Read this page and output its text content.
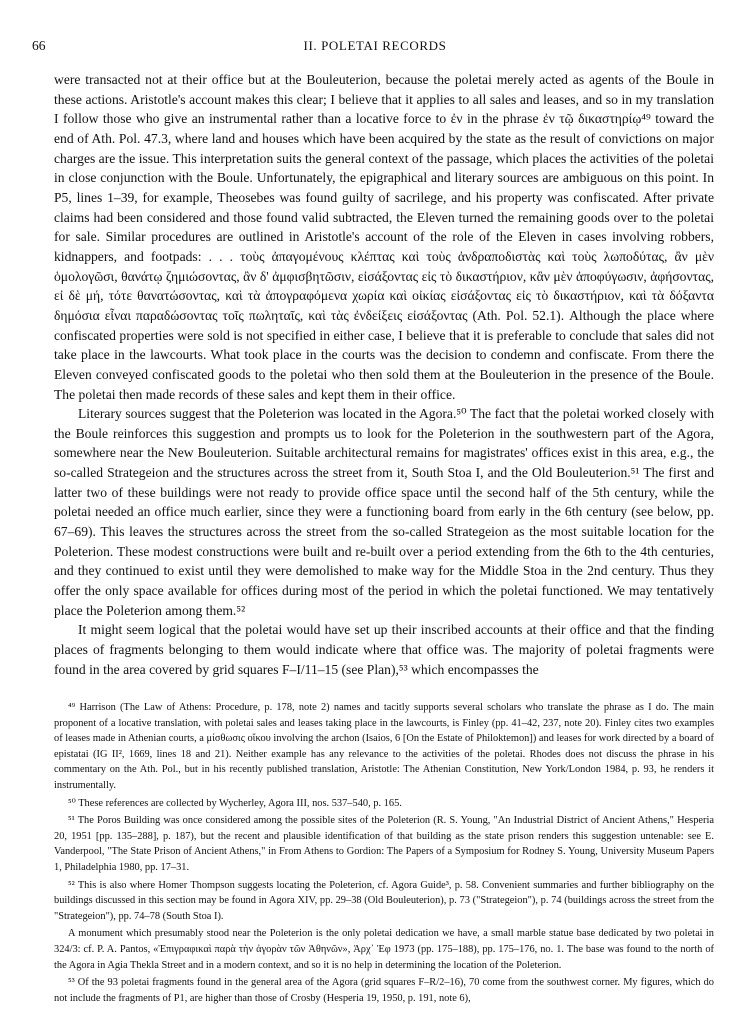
66	II. POLETAI RECORDS

were transacted not at their office but at the Bouleuterion, because the poletai merely acted as agents of the Boule in these actions. Aristotle's account makes this clear; I believe that it applies to all sales and leases, and so in my translation I follow those who give an instrumental rather than a locative force to ἐν in the phrase ἐν τῷ δικαστηρίῳ⁴⁹ toward the end of Ath. Pol. 47.3, where land and houses which have been acquired by the state as the result of convictions on major charges are the issue. This interpretation suits the general context of the passage, which places the activities of the poletai in close conjunction with the Boule. Unfortunately, the epigraphical and literary sources are ambiguous on this point. In P5, lines 1–39, for example, Theosebes was found guilty of sacrilege, and his property was confiscated. After private claims had been considered and those found valid subtracted, the Eleven turned the remaining goods over to the poletai for sale. Similar procedures are outlined in Aristotle's account of the role of the Eleven in cases involving robbers, kidnappers, and footpads: . . . τοὺς ἀπαγομένους κλέπτας καὶ τοὺς ἀνδραποδιστὰς καὶ τοὺς λωποδύτας, ἂν μὲν ὁμολογῶσι, θανάτῳ ζημιώσοντας, ἂν δ' ἀμφισβητῶσιν, εἰσάξοντας εἰς τὸ δικαστήριον, κἂν μὲν ἀποφύγωσιν, ἀφήσοντας, εἰ δὲ μή, τότε θανατώσοντας, καὶ τὰ ἀπογραφόμενα χωρία καὶ οἰκίας εἰσάξοντας εἰς τὸ δικαστήριον, καὶ τὰ δόξαντα δημόσια εἶναι παραδώσοντας τοῖς πωληταῖς, καὶ τὰς ἐνδείξεις εἰσάξοντας (Ath. Pol. 52.1). Although the place where confiscated properties were sold is not specified in either case, I believe that it is preferable to conclude that sales did not take place in the lawcourts. What took place in the courts was the decision to condemn and confiscate. From there the Eleven conveyed confiscated goods to the poletai who then sold them at the Bouleuterion in the presence of the Boule. The poletai then made records of these sales and kept them in their office.

Literary sources suggest that the Poleterion was located in the Agora.⁵⁰ The fact that the poletai worked closely with the Boule reinforces this suggestion and prompts us to look for the Poleterion in the southwestern part of the Agora, somewhere near the New Bouleuterion. Suitable architectural remains for magistrates' offices exist in this area, e.g., the so-called Strategeion and the structures across the street from it, South Stoa I, and the Old Bouleuterion.⁵¹ The first and latter two of these buildings were not ready to provide office space until the second half of the 5th century, while the poletai needed an office much earlier, since they were a functioning board from early in the 6th century (see below, pp. 67–69). This leaves the structures across the street from the so-called Strategeion as the most suitable location for the Poleterion. These modest constructions were built and re-built over a period extending from the 6th to the 4th centuries, and they continued to exist until they were demolished to make way for the Middle Stoa in the 2nd century. Thus they offer the only space available for offices during most of the period in which the poletai functioned. We may tentatively place the Poleterion among them.⁵²

It might seem logical that the poletai would have set up their inscribed accounts at their office and that the finding places of fragments belonging to them would indicate where that office was. The majority of poletai fragments were found in the area covered by grid squares F–I/11–15 (see Plan),⁵³ which encompasses the

⁴⁹ Harrison (The Law of Athens: Procedure, p. 178, note 2) names and tacitly supports several scholars who translate the phrase as I do. The main proponent of a locative translation, with poletai sales and leases taking place in the lawcourts, is Finley (pp. 41–42, 237, note 20). Finley cites two examples of leases made in Athenian courts, a μίσθωσις οἴκου involving the archon (Isaios, 6 [On the Estate of Philoktemon]) and leases for work directed by a board of epistatai (IG II², 1669, lines 18 and 21). Neither example has any relevance to the activities of the poletai. Rhodes does not discuss the phrase in his commentary on the Ath. Pol., but in his recently published translation, Aristotle: The Athenian Constitution, New York/London 1984, p. 93, he renders it instrumentally.

⁵⁰ These references are collected by Wycherley, Agora III, nos. 537–540, p. 165.

⁵¹ The Poros Building was once considered among the possible sites of the Poleterion (R. S. Young, "An Industrial District of Ancient Athens," Hesperia 20, 1951 [pp. 135–288], p. 187), but the recent and plausible identification of that building as the state prison renders this suggestion untenable: see E. Vanderpool, "The State Prison of Ancient Athens," in From Athens to Gordion: The Papers of a Symposium for Rodney S. Young, University Museum Papers 1, Philadelphia 1980, pp. 17–31.

⁵² This is also where Homer Thompson suggests locating the Poleterion, cf. Agora Guide³, p. 58. Convenient summaries and further bibliography on the buildings discussed in this section may be found in Agora XIV, pp. 29–38 (Old Bouleuterion), p. 73 ("Strategeion"), p. 74 (buildings across the street from the "Strategeion"), pp. 74–78 (South Stoa I).

A monument which presumably stood near the Poleterion is the only poletai dedication we have, a small marble statue base dedicated by two poletai in 324/3: cf. P. A. Pantos, «Ἐπιγραφικαὶ παρὰ τὴν ἀγορὰν τῶν Ἀθηνῶν», Ἀρχ᾿ Ἐφ 1973 (pp. 175–188), pp. 175–176, no. 1. The base was found to the north of the Agora in Agia Thekla Street and in a modern context, and so it is no help in determining the location of the Poleterion.

⁵³ Of the 93 poletai fragments found in the general area of the Agora (grid squares F–R/2–16), 70 come from the southwest corner. My figures, which do not include the fragments of P1, are higher than those of Crosby (Hesperia 19, 1950, p. 191, note 6),
